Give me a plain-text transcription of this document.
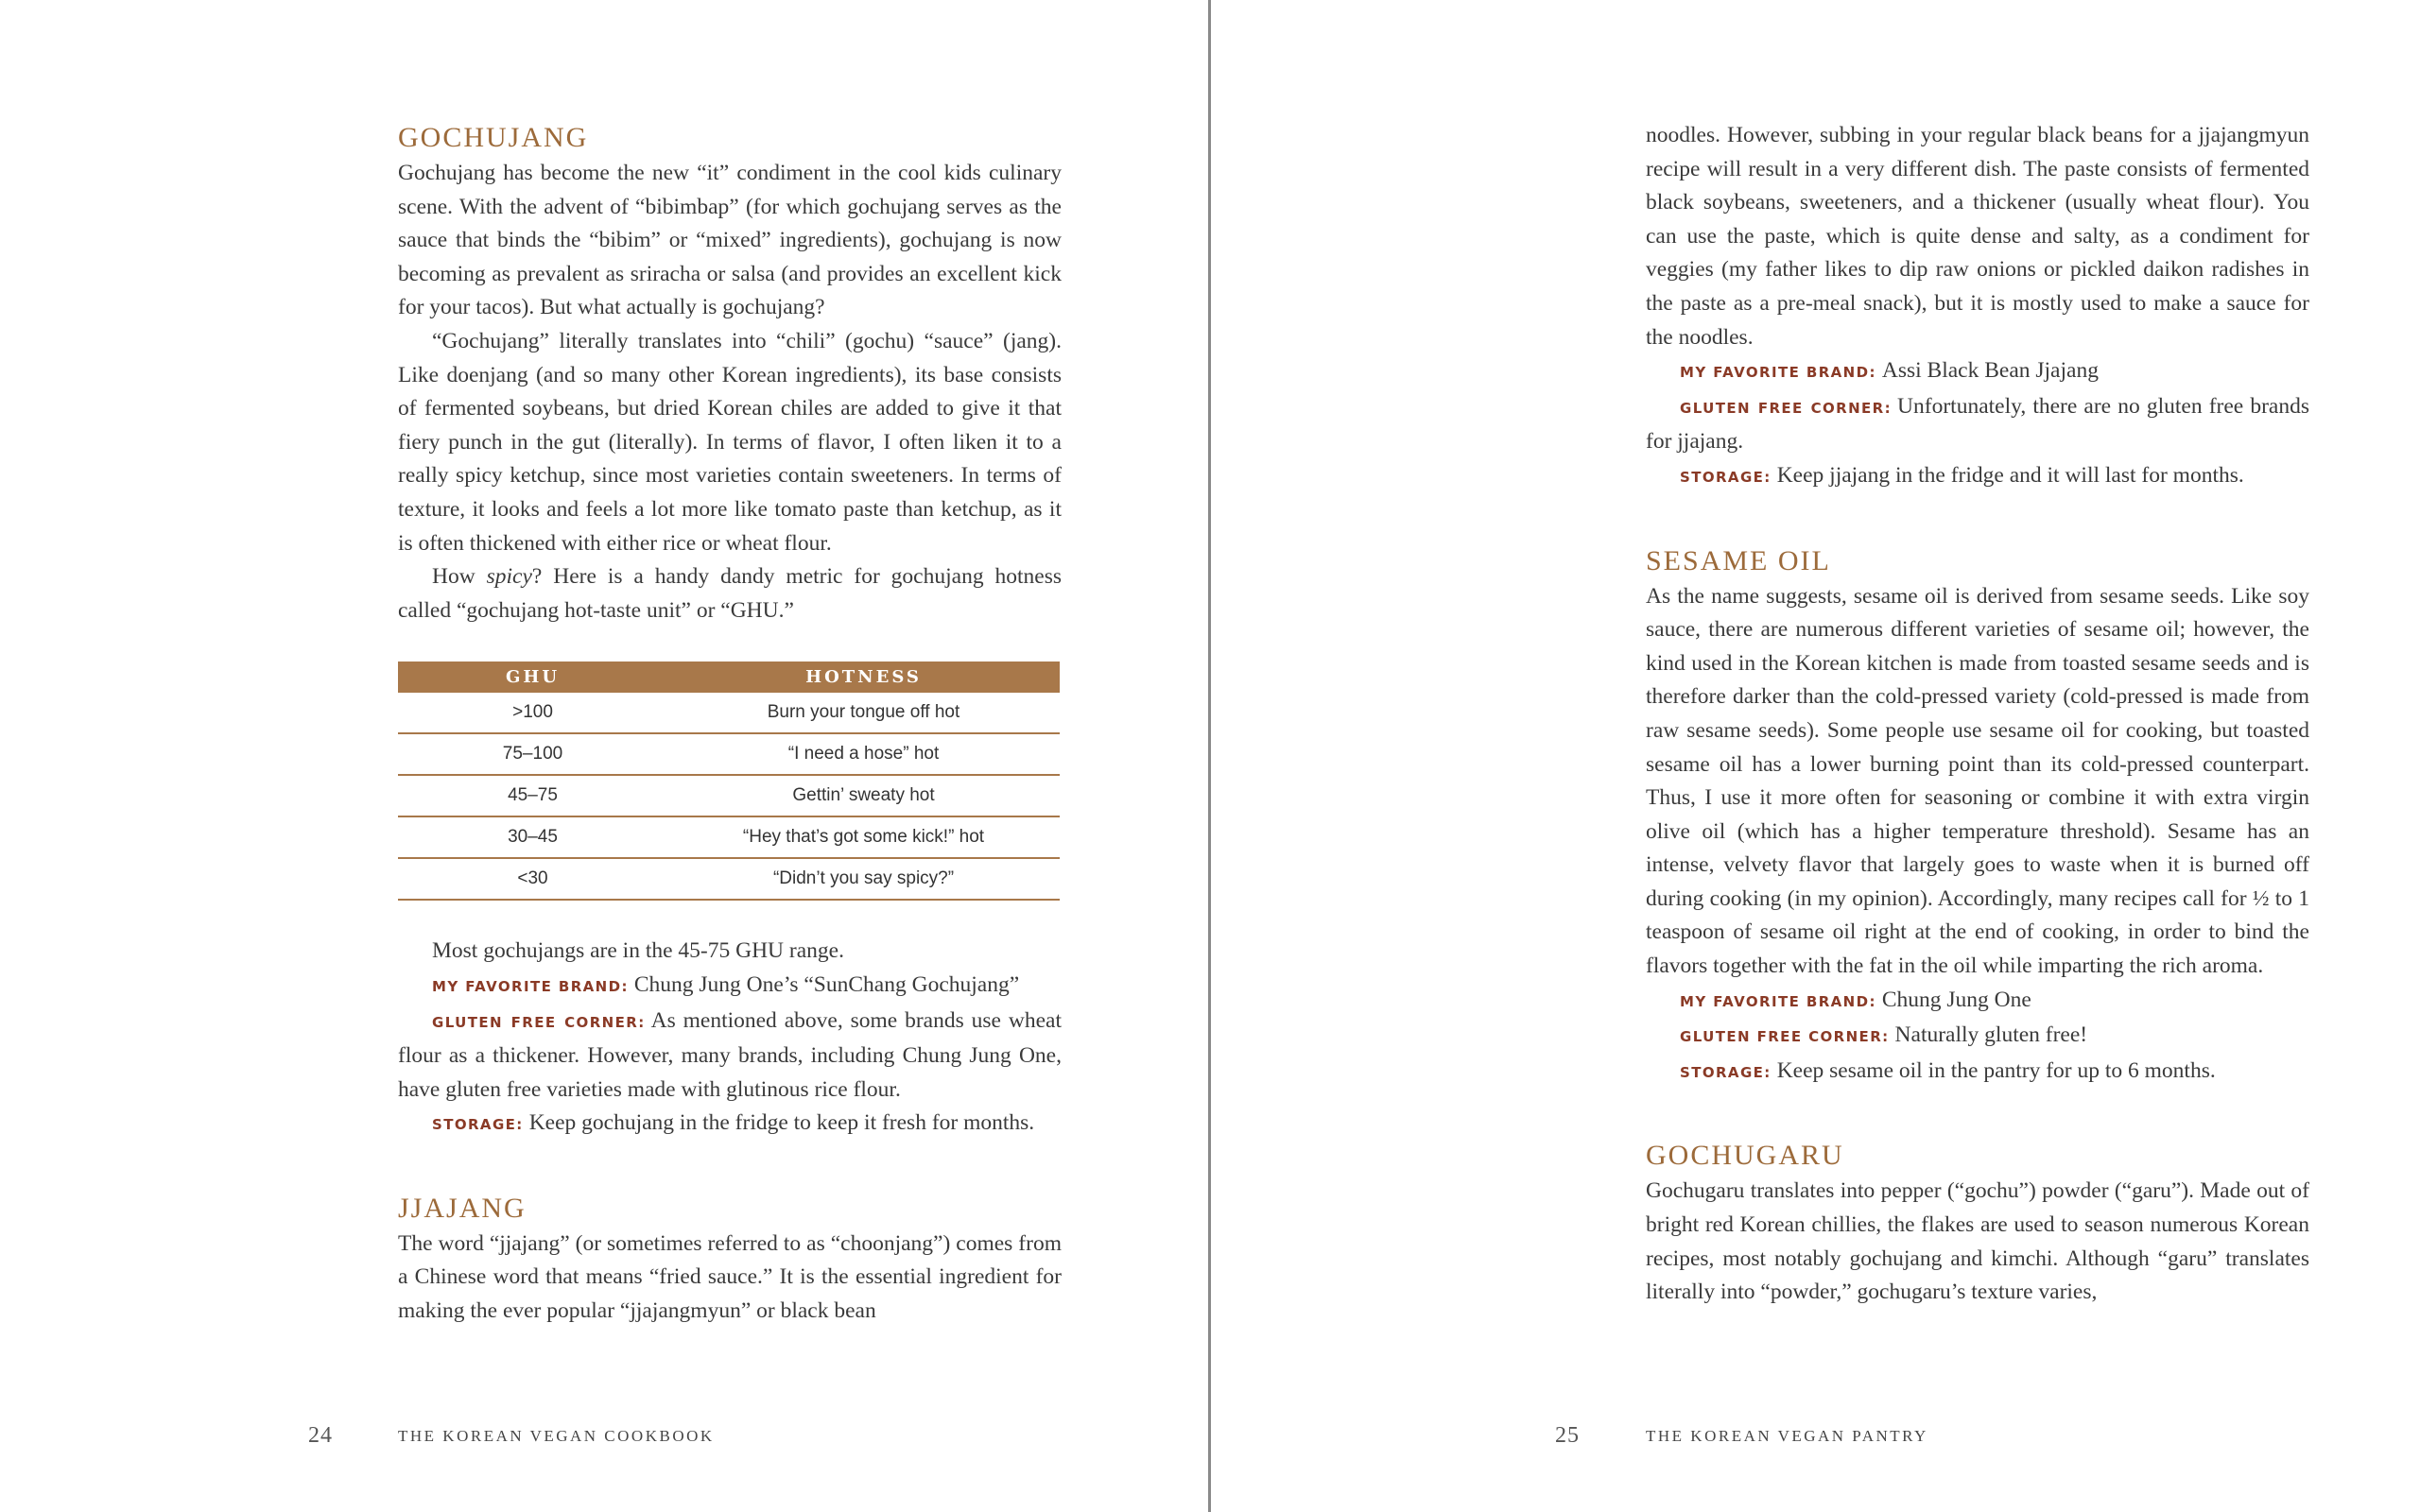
GOCHUJANG

Gochujang has become the new “it” condiment in the cool kids culinary scene. With the advent of “bibimbap” (for which gochujang serves as the sauce that binds the “bibim” or “mixed” ingredients), gochujang is now becoming as prevalent as sriracha or salsa (and provides an excellent kick for your tacos). But what actually is gochujang?

“Gochujang” literally translates into “chili” (gochu) “sauce” (jang). Like doenjang (and so many other Korean ingredients), its base consists of fermented soybeans, but dried Korean chiles are added to give it that fiery punch in the gut (literally). In terms of flavor, I often liken it to a really spicy ketchup, since most varieties contain sweeteners. In terms of texture, it looks and feels a lot more like tomato paste than ketchup, as it is often thickened with either rice or wheat flour.

How spicy? Here is a handy dandy metric for gochujang hotness called “gochujang hot-taste unit” or “GHU.”

GHU	HOTNESS
>100	Burn your tongue off hot
75–100	“I need a hose” hot
45–75	Gettin’ sweaty hot
30–45	“Hey that’s got some kick!” hot
<30	“Didn’t you say spicy?”

Most gochujangs are in the 45-75 GHU range.

MY FAVORITE BRAND: Chung Jung One’s “SunChang Gochujang”

GLUTEN FREE CORNER: As mentioned above, some brands use wheat flour as a thickener. However, many brands, including Chung Jung One, have gluten free varieties made with glutinous rice flour.

STORAGE: Keep gochujang in the fridge to keep it fresh for months.

JJAJANG

The word “jjajang” (or sometimes referred to as “choonjang”) comes from a Chinese word that means “fried sauce.” It is the essential ingredient for making the ever popular “jjajangmyun” or black bean

24	THE KOREAN VEGAN COOKBOOK

noodles. However, subbing in your regular black beans for a jjajangmyun recipe will result in a very different dish. The paste consists of fermented black soybeans, sweeteners, and a thickener (usually wheat flour). You can use the paste, which is quite dense and salty, as a condiment for veggies (my father likes to dip raw onions or pickled daikon radishes in the paste as a pre-meal snack), but it is mostly used to make a sauce for the noodles.

MY FAVORITE BRAND: Assi Black Bean Jjajang

GLUTEN FREE CORNER: Unfortunately, there are no gluten free brands for jjajang.

STORAGE: Keep jjajang in the fridge and it will last for months.

SESAME OIL

As the name suggests, sesame oil is derived from sesame seeds. Like soy sauce, there are numerous different varieties of sesame oil; however, the kind used in the Korean kitchen is made from toasted sesame seeds and is therefore darker than the cold-pressed variety (cold-pressed is made from raw sesame seeds). Some people use sesame oil for cooking, but toasted sesame oil has a lower burning point than its cold-pressed counterpart. Thus, I use it more often for seasoning or combine it with extra virgin olive oil (which has a higher temperature threshold). Sesame has an intense, velvety flavor that largely goes to waste when it is burned off during cooking (in my opinion). Accordingly, many recipes call for ½ to 1 teaspoon of sesame oil right at the end of cooking, in order to bind the flavors together with the fat in the oil while imparting the rich aroma.

MY FAVORITE BRAND: Chung Jung One

GLUTEN FREE CORNER: Naturally gluten free!

STORAGE: Keep sesame oil in the pantry for up to 6 months.

GOCHUGARU

Gochugaru translates into pepper (“gochu”) powder (“garu”). Made out of bright red Korean chillies, the flakes are used to season numerous Korean recipes, most notably gochujang and kimchi. Although “garu” translates literally into “powder,” gochugaru’s texture varies,

25	THE KOREAN VEGAN PANTRY
